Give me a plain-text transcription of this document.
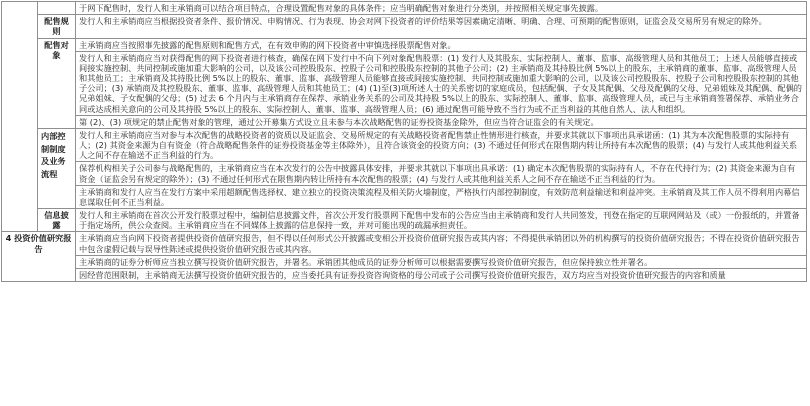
		于网下配售时，发行人和主承销商可以结合项目特点，合理设置配售对象的具体条件；应当明确配售对象进行分类别，并按照相关规定事先披露。
	配售规则	发行人和主承销商应当根据投资者条件、报价情况、申购情况、行为表现、协会对网下投资者的评价结果等因素确定清晰、明确、合理、可预期的配售原则，证监会及交易所另有规定的除外。
	配售对象	主承销商应当按照事先披露的配售原则和配售方式，在有效申购的网下投资者中审慎选择股票配售对象。
		发行人和主承销商应当对获得配售的网下投资者进行核查，确保在网下发行中不向下列对象配售股票：(1) 发行人及其股东、实际控制人、董事、监事、高级管理人员和其他员工；上述人员能够直接或间接实施控制、共同控制或施加重大影响的公司，以及该公司控股股东、控股子公司和控股股东控制的其他子公司；(2) 主承销商及其持股比例 5%以上的股东，主承销商的董事、监事、高级管理人员和其他员工；主承销商及其持股比例 5%以上的股东、董事、监事、高级管理人员能够直接或间接实施控制、共同控制或施加重大影响的公司，以及该公司控股股东、控股子公司和控股股东控制的其他子公司；(3) 承销商及其控股股东、董事、监事、高级管理人员和其他员工；(4) (1)至(3)项所述人士的关系密切的家庭成员，包括配偶、子女及其配偶、父母及配偶的父母、兄弟姐妹及其配偶、配偶的兄弟姐妹、子女配偶的父母；(5) 过去 6 个月内与主承销商存在保荐、承销业务关系的公司及其持股 5%以上的股东、实际控制人、董事、监事、高级管理人员，或已与主承销商签署保荐、承销业务合同或达成相关意向的公司及其持股 5%以上的股东、实际控制人、董事、监事、高级管理人员；(6) 通过配售可能导致不当行为或不正当利益的其他自然人、法人和组织。
		第 (2)、(3) 项规定的禁止配售对象的管理，通过公开募集方式设立且未参与本次战略配售的证券投资基金除外，但应当符合证监会的有关规定。
	内部控制制度及业务流程	发行人和主承销商应当对参与本次配售的战略投资者的资质以及证监会、交易所规定的有关战略投资者配售禁止性情形进行核查，并要求其就以下事项出具承诺函：(1) 其为本次配售股票的实际持有人；(2) 其资金来源为自有资金（符合战略配售条件的证券投资基金等主体除外），且符合该资金的投资方向；(3) 不通过任何形式在限售期内转让所持有本次配售的股票；(4) 与发行人或其他利益关系人之间不存在输送不正当利益的行为。
		保荐机构相关子公司参与战略配售的，主承销商应当在本次发行的公告中披露具体安排，并要求其就以下事项出具承诺：(1) 确定本次配售股票的实际持有人，不存在代持行为；(2) 其资金来源为自有资金（证监会另有规定的除外）；(3) 不通过任何形式在限售期内转让所持有本次配售的股票；(4) 与发行人或其他利益关系人之间不存在输送不正当利益的行为。
		主承销商和发行人应当在发行方案中采用超额配售选择权、建立独立的投资决策流程及相关防火墙制度，严格执行内部控制制度，有效防范利益输送和利益冲突。主承销商及其工作人员不得利用内幕信息谋取任何不正当利益。
	信息披露	发行人和主承销商在首次公开发行股票过程中，编制信息披露文件，首次公开发行股票网下配售中发布的公告应当由主承销商和发行人共同签发，刊登在指定的互联网网站及（或）一份报纸的，并置备于指定场所，供公众查阅。主承销商应当在不同媒体上披露的信息保持一致，并对可能出现的疏漏承担责任。
4 投资价值研究报告		主承销商应当向网下投资者提供投资价值研究报告，但不得以任何形式公开披露或变相公开投资价值研究报告或其内容；不得提供承销团以外的机构撰写的投资价值研究报告；不得在投资价值研究报告中包含虚假记载与误导性陈述或提供投资价值研究报告或其内容。
		主承销商的证券分析师应当独立撰写投资价值研究报告，并署名。承销团其他成员的证券分析师可以根据需要撰写投资价值研究报告，但应保持独立性并署名。
		因经营范围限制，主承销商无法撰写投资价值研究报告的，应当委托具有证券投资咨询资格的母公司或子公司撰写投资价值研究报告，双方均应当对投资价值研究报告的内容和质量
